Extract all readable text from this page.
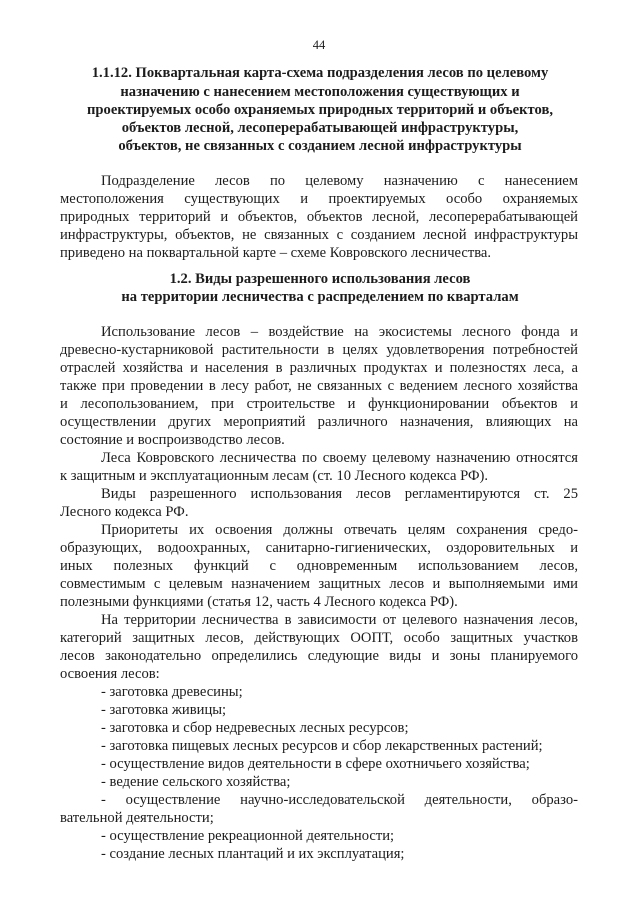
44
1.1.12. Поквартальная карта-схема подразделения лесов по целевому
назначению с нанесением местоположения существующих и
проектируемых особо охраняемых природных территорий и объектов,
объектов лесной, лесоперерабатывающей инфраструктуры,
объектов, не связанных с созданием лесной инфраструктуры
Подразделение лесов по целевому назначению с нанесением
местоположения существующих и проектируемых особо охраняемых
природных территорий и объектов, объектов лесной, лесоперерабатывающей
инфраструктуры, объектов, не связанных с созданием лесной инфраструктуры
приведено на поквартальной карте – схеме Ковровского лесничества.
1.2. Виды разрешенного использования лесов
на территории лесничества с распределением по кварталам
Использование лесов – воздействие на экосистемы лесного фонда и
древесно-кустарниковой растительности в целях удовлетворения потребностей
отраслей хозяйства и населения в различных продуктах и полезностях леса, а
также при проведении в лесу работ, не связанных с ведением лесного хозяйства
и лесопользованием, при строительстве и функционировании объектов и
осуществлении других мероприятий различного назначения, влияющих на
состояние и воспроизводство лесов.
Леса Ковровского лесничества по своему целевому назначению относятся
к защитным и эксплуатационным лесам (ст. 10 Лесного кодекса РФ).
Виды разрешенного использования лесов регламентируются ст. 25
Лесного кодекса РФ.
Приоритеты их освоения должны отвечать целям сохранения средо-
образующих, водоохранных, санитарно-гигиенических, оздоровительных и
иных полезных функций с одновременным использованием лесов,
совместимым с целевым назначением защитных лесов и выполняемыми ими
полезными функциями (статья 12, часть 4 Лесного кодекса РФ).
На территории лесничества в зависимости от целевого назначения лесов,
категорий защитных лесов, действующих ООПТ, особо защитных участков
лесов законодательно определились следующие виды и зоны планируемого
освоения лесов:
- заготовка древесины;
- заготовка живицы;
- заготовка и сбор недревесных лесных ресурсов;
- заготовка пищевых лесных ресурсов и сбор лекарственных растений;
- осуществление видов деятельности в сфере охотничьего хозяйства;
- ведение сельского хозяйства;
- осуществление научно-исследовательской деятельности, образо-
вательной деятельности;
- осуществление рекреационной деятельности;
- создание лесных плантаций и их эксплуатация;
